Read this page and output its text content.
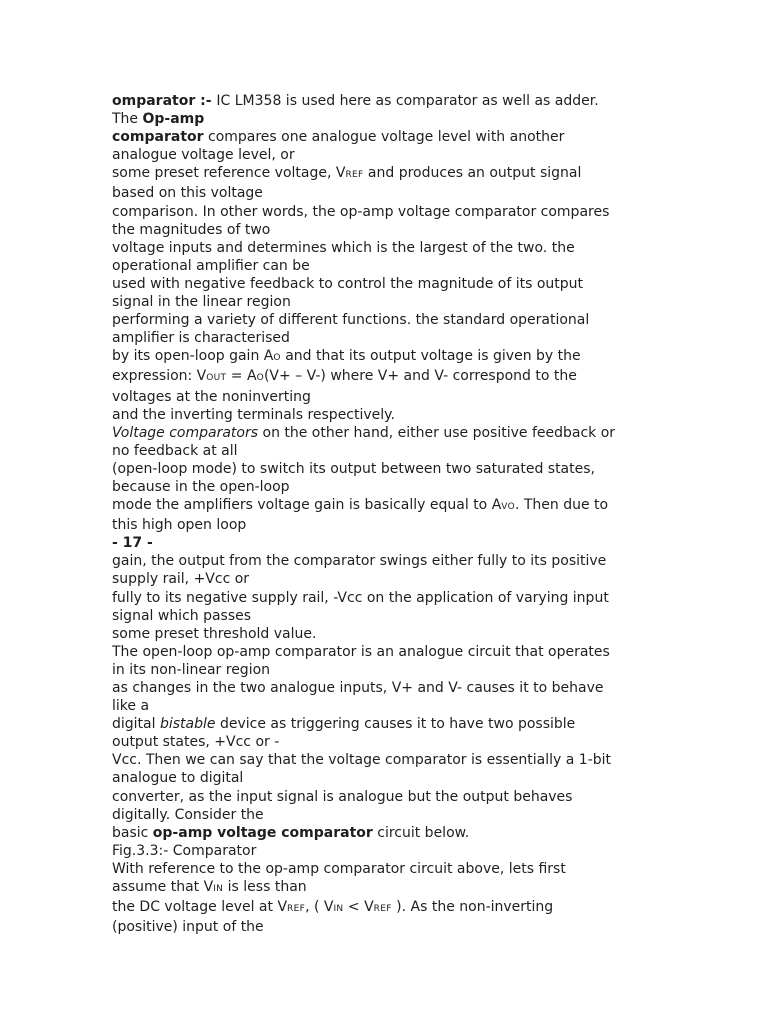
omparator :- IC LM358 is used here as comparator as well as adder.
The Op-amp
comparator compares one analogue voltage level with another
analogue voltage level, or
some preset reference voltage, VREF and produces an output signal
based on this voltage
comparison. In other words, the op-amp voltage comparator compares
the magnitudes of two
voltage inputs and determines which is the largest of the two. the
operational amplifier can be
used with negative feedback to control the magnitude of its output
signal in the linear region
performing a variety of different functions. the standard operational
amplifier is characterised
by its open-loop gain AO and that its output voltage is given by the
expression: VOUT = AO(V+ – V-) where V+ and V- correspond to the
voltages at the noninverting
and the inverting terminals respectively.
Voltage comparators on the other hand, either use positive feedback or
no feedback at all
(open-loop mode) to switch its output between two saturated states,
because in the open-loop
mode the amplifiers voltage gain is basically equal to AVO. Then due to
this high open loop
- 17 -
gain, the output from the comparator swings either fully to its positive
supply rail, +Vcc or
fully to its negative supply rail, -Vcc on the application of varying input
signal which passes
some preset threshold value.
The open-loop op-amp comparator is an analogue circuit that operates
in its non-linear region
as changes in the two analogue inputs, V+ and V- causes it to behave
like a
digital bistable device as triggering causes it to have two possible
output states, +Vcc or -
Vcc. Then we can say that the voltage comparator is essentially a 1-bit
analogue to digital
converter, as the input signal is analogue but the output behaves
digitally. Consider the
basic op-amp voltage comparator circuit below.
Fig.3.3:- Comparator
With reference to the op-amp comparator circuit above, lets first
assume that VIN is less than
the DC voltage level at VREF, ( VIN < VREF ). As the non-inverting
(positive) input of the
